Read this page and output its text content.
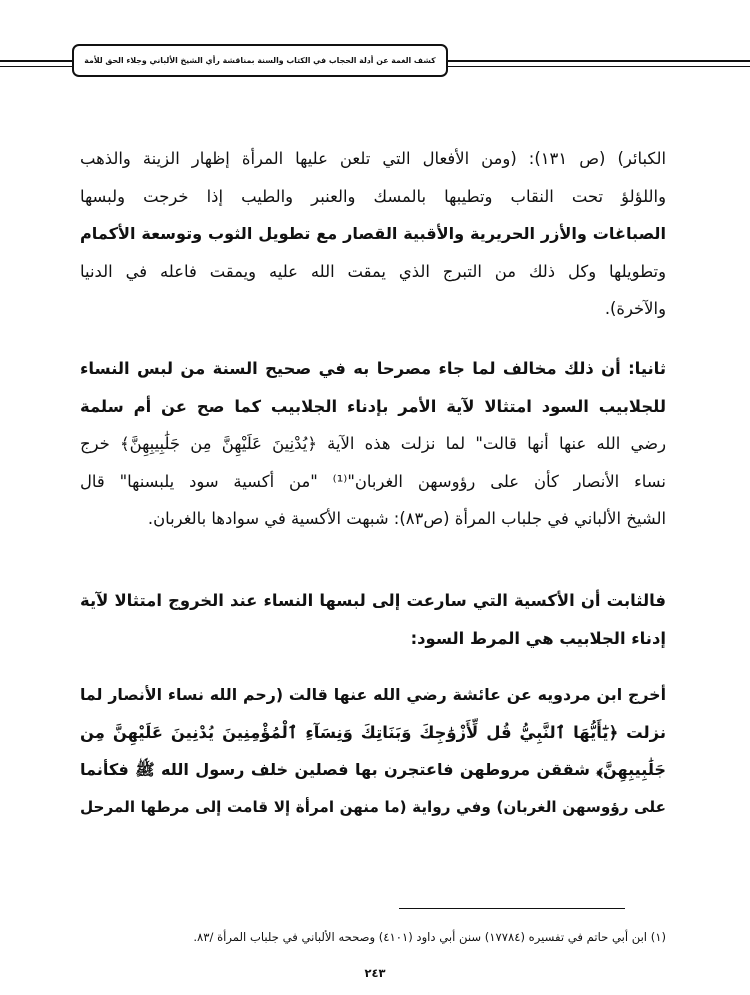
كشف الغمة عن أدلة الحجاب في الكتاب والسنة بمناقشة رأي الشيخ الألباني وجلاء الحق للأمة
الكبائر) (ص ١٣١): (ومن الأفعال التي تلعن عليها المرأة إظهار الزينة والذهب
واللؤلؤ تحت النقاب وتطيبها بالمسك والعنبر والطيب إذا خرجت ولبسها
الصباغات والأزر الحريرية والأقبية القصار مع تطويل الثوب وتوسعة الأكمام
وتطويلها وكل ذلك من التبرج الذي يمقت الله عليه ويمقت فاعله في الدنيا
والآخرة).
ثانيا: أن ذلك مخالف لما جاء مصرحا به في صحيح السنة من لبس النساء
للجلابيب السود امتثالا لآية الأمر بإدناء الجلابيب كما صح عن أم سلمة
رضي الله عنها أنها قالت" لما نزلت هذه الآية ﴿يُدْنِينَ عَلَيْهِنَّ مِن جَلَٰبِيبِهِنَّ﴾ خرج
نساء الأنصار كأن على رؤوسهن الغربان"⁽¹⁾ "من أكسية سود يلبسنها" قال
الشيخ الألباني في جلباب المرأة (ص٨٣): شبهت الأكسية في سوادها بالغربان.
فالثابت أن الأكسية التي سارعت إلى لبسها النساء عند الخروج امتثالا لآية
إدناء الجلابيب هي المرط السود:
أخرج ابن مردويه عن عائشة رضي الله عنها قالت (رحم الله نساء الأنصار لما
نزلت ﴿يَٰٓأَيُّهَا ٱلنَّبِيُّ قُل لِّأَزْوَٰجِكَ وَبَنَاتِكَ وَنِسَآءِ ٱلْمُؤْمِنِينَ يُدْنِينَ عَلَيْهِنَّ مِن
جَلَٰبِيبِهِنَّ﴾ شققن مروطهن فاعتجرن بها فصلين خلف رسول الله ﷺ فكأنما
على رؤوسهن الغربان) وفي رواية (ما منهن امرأة إلا قامت إلى مرطها المرحل
(١) ابن أبي حاتم في تفسيره (١٧٧٨٤) سنن أبي داود (٤١٠١) وصححه الألباني في جلباب المرأة /٨٣.
٢٤٣
